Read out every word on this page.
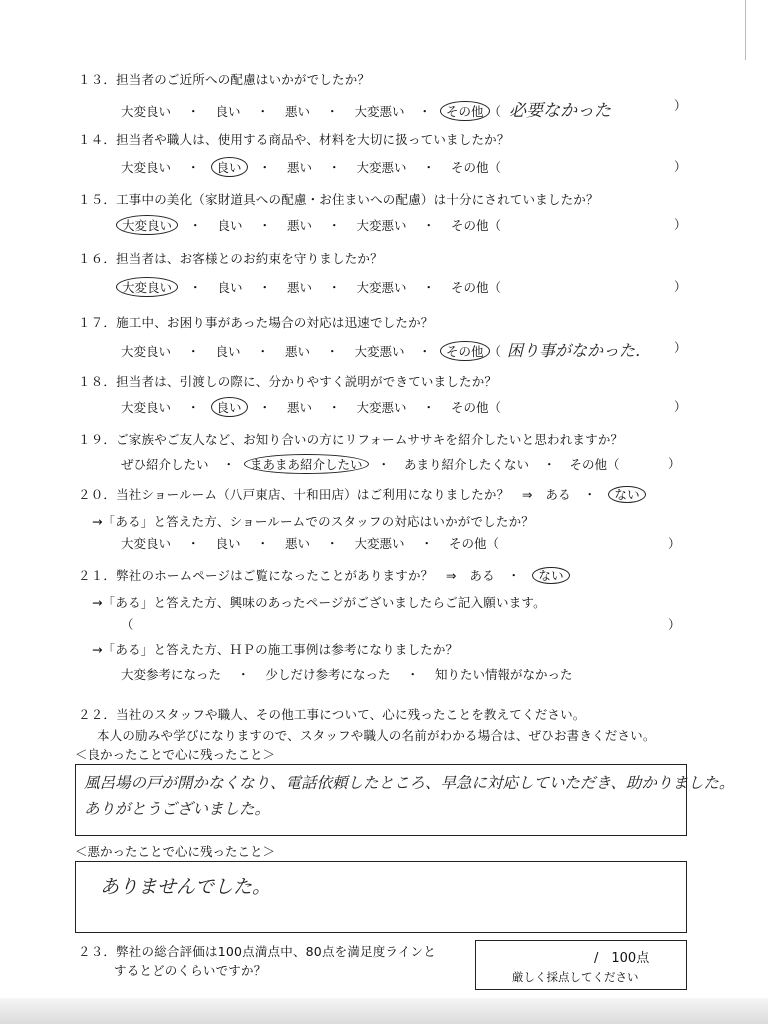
１３．担当者のご近所への配慮はいかがでしたか？
大変良い ・ 良い ・ 悪い ・ 大変悪い ・ その他 （ 必要なかった	）
１４．担当者や職人は、使用する商品や、材料を大切に扱っていましたか？
大変良い ・ 良い ・ 悪い ・ 大変悪い ・ その他（	）
１５．工事中の美化（家財道具への配慮・お住まいへの配慮）は十分にされていましたか？
大変良い ・ 良い ・ 悪い ・ 大変悪い ・ その他（	）
１６．担当者は、お客様とのお約束を守りましたか？
大変良い ・ 良い ・ 悪い ・ 大変悪い ・ その他（	）
１７．施工中、お困り事があった場合の対応は迅速でしたか？
大変良い ・ 良い ・ 悪い ・ 大変悪い ・ その他 （ 困り事がなかった． ）
１８．担当者は、引渡しの際に、分かりやすく説明ができていましたか？
大変良い ・ 良い ・ 悪い ・ 大変悪い ・ その他（	）
１９．ご家族やご友人など、お知り合いの方にリフォームササキを紹介したいと思われますか？
ぜひ紹介したい ・ まあまあ紹介したい ・ あまり紹介したくない ・ その他（	）
２０．当社ショールーム（八戸東店、十和田店）はご利用になりましたか？　⇒　ある　・ ない
→「ある」と答えた方、ショールームでのスタッフの対応はいかがでしたか？
大変良い ・ 良い ・ 悪い ・ 大変悪い ・ その他（	）
２１．弊社のホームページはご覧になったことがありますか？　⇒　ある　・ ない
→「ある」と答えた方、興味のあったページがございましたらご記入願います。
（	）
→「ある」と答えた方、ＨＰの施工事例は参考になりましたか？
大変参考になった ・ 少しだけ参考になった ・ 知りたい情報がなかった
２２．当社のスタッフや職人、その他工事について、心に残ったことを教えてください。
本人の励みや学びになりますので、スタッフや職人の名前がわかる場合は、ぜひお書きください。
＜良かったことで心に残ったこと＞
風呂場の戸が開かなくなり、電話依頼したところ、早急に対応していただき、助かりました。
ありがとうございました。
＜悪かったことで心に残ったこと＞
ありませんでした。
２３．弊社の総合評価は100点満点中、80点を満足度ラインと
するとどのくらいですか？
/　100点
厳しく採点してください
